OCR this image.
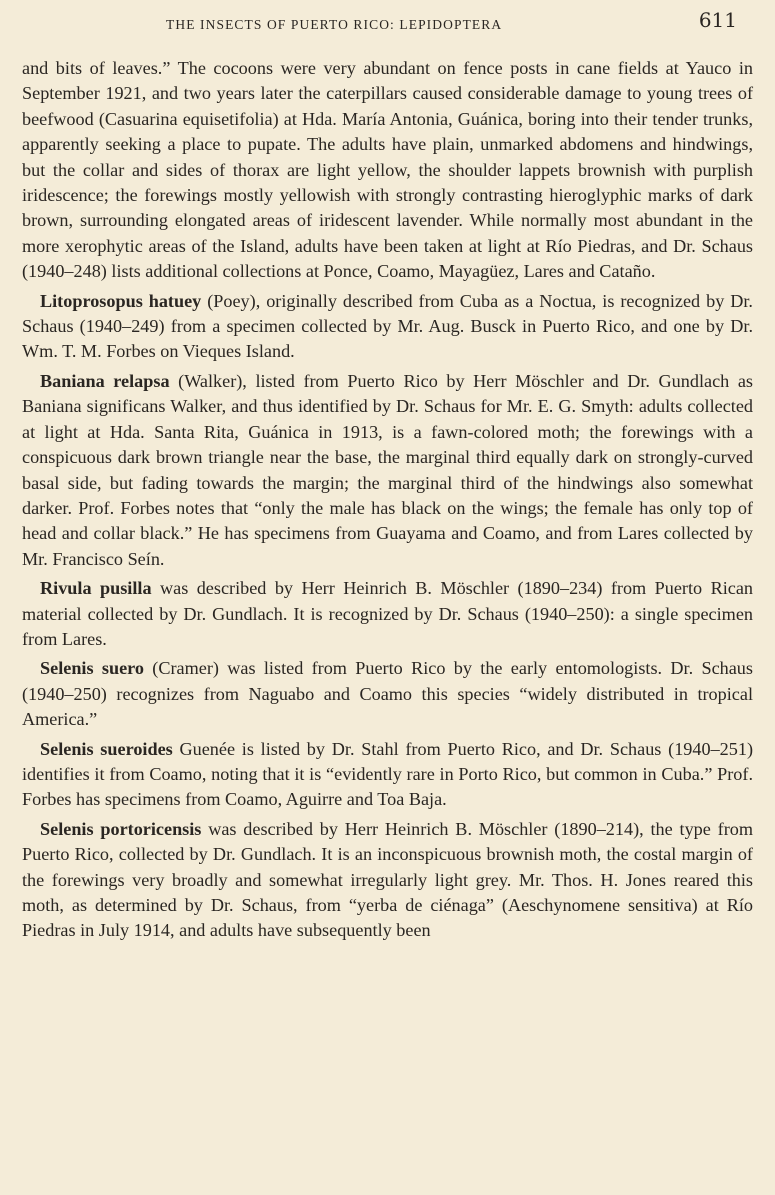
THE INSECTS OF PUERTO RICO: LEPIDOPTERA	611

and bits of leaves.” The cocoons were very abundant on fence posts in cane fields at Yauco in September 1921, and two years later the caterpillars caused considerable damage to young trees of beefwood (Casuarina equisetifolia) at Hda. María Antonia, Guánica, boring into their tender trunks, apparently seeking a place to pupate. The adults have plain, unmarked abdomens and hindwings, but the collar and sides of thorax are light yellow, the shoulder lappets brownish with purplish iridescence; the forewings mostly yellowish with strongly contrasting hieroglyphic marks of dark brown, surrounding elongated areas of iridescent lavender. While normally most abundant in the more xerophytic areas of the Island, adults have been taken at light at Río Piedras, and Dr. Schaus (1940–248) lists additional collections at Ponce, Coamo, Mayagüez, Lares and Cataño.

Litoprosopus hatuey (Poey), originally described from Cuba as a Noctua, is recognized by Dr. Schaus (1940–249) from a specimen collected by Mr. Aug. Busck in Puerto Rico, and one by Dr. Wm. T. M. Forbes on Vieques Island.

Baniana relapsa (Walker), listed from Puerto Rico by Herr Möschler and Dr. Gundlach as Baniana significans Walker, and thus identified by Dr. Schaus for Mr. E. G. Smyth: adults collected at light at Hda. Santa Rita, Guánica in 1913, is a fawn-colored moth; the forewings with a conspicuous dark brown triangle near the base, the marginal third equally dark on strongly-curved basal side, but fading towards the margin; the marginal third of the hindwings also somewhat darker. Prof. Forbes notes that “only the male has black on the wings; the female has only top of head and collar black.” He has specimens from Guayama and Coamo, and from Lares collected by Mr. Francisco Seín.

Rivula pusilla was described by Herr Heinrich B. Möschler (1890–234) from Puerto Rican material collected by Dr. Gundlach. It is recognized by Dr. Schaus (1940–250): a single specimen from Lares.

Selenis suero (Cramer) was listed from Puerto Rico by the early entomologists. Dr. Schaus (1940–250) recognizes from Naguabo and Coamo this species “widely distributed in tropical America.”

Selenis sueroides Guenée is listed by Dr. Stahl from Puerto Rico, and Dr. Schaus (1940–251) identifies it from Coamo, noting that it is “evidently rare in Porto Rico, but common in Cuba.” Prof. Forbes has specimens from Coamo, Aguirre and Toa Baja.

Selenis portoricensis was described by Herr Heinrich B. Möschler (1890–214), the type from Puerto Rico, collected by Dr. Gundlach. It is an inconspicuous brownish moth, the costal margin of the forewings very broadly and somewhat irregularly light grey. Mr. Thos. H. Jones reared this moth, as determined by Dr. Schaus, from “yerba de ciénaga” (Aeschynomene sensitiva) at Río Piedras in July 1914, and adults have subsequently been
